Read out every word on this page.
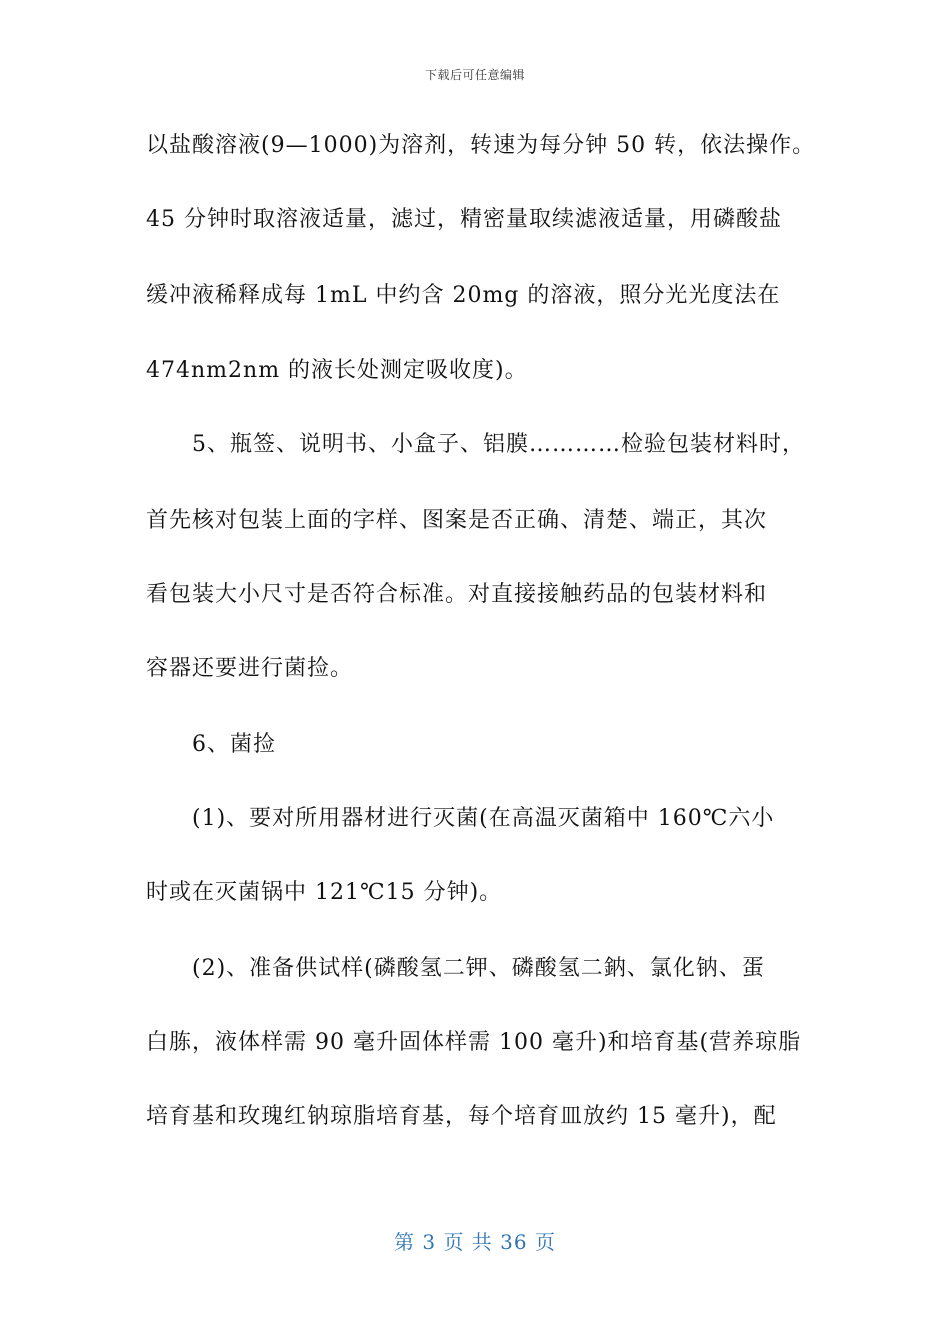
下载后可任意编辑
以盐酸溶液(9—1000)为溶剂，转速为每分钟 50 转，依法操作。
45 分钟时取溶液适量，滤过，精密量取续滤液适量，用磷酸盐
缓冲液稀释成每 1mL 中约含 20mg 的溶液，照分光光度法在
474nm2nm 的液长处测定吸收度)。
5、瓶签、说明书、小盒子、铝膜…………检验包装材料时，
首先核对包装上面的字样、图案是否正确、清楚、端正，其次
看包装大小尺寸是否符合标准。对直接接触药品的包装材料和
容器还要进行菌捡。
6、菌捡
(1)、要对所用器材进行灭菌(在高温灭菌箱中 160℃六小
时或在灭菌锅中 121℃15 分钟)。
(2)、准备供试样(磷酸氢二钾、磷酸氢二鈉、氯化钠、蛋
白胨，液体样需 90 毫升固体样需 100 毫升)和培育基(营养琼脂
培育基和玫瑰红钠琼脂培育基，每个培育皿放约 15 毫升)，配
第 3 页 共 36 页
